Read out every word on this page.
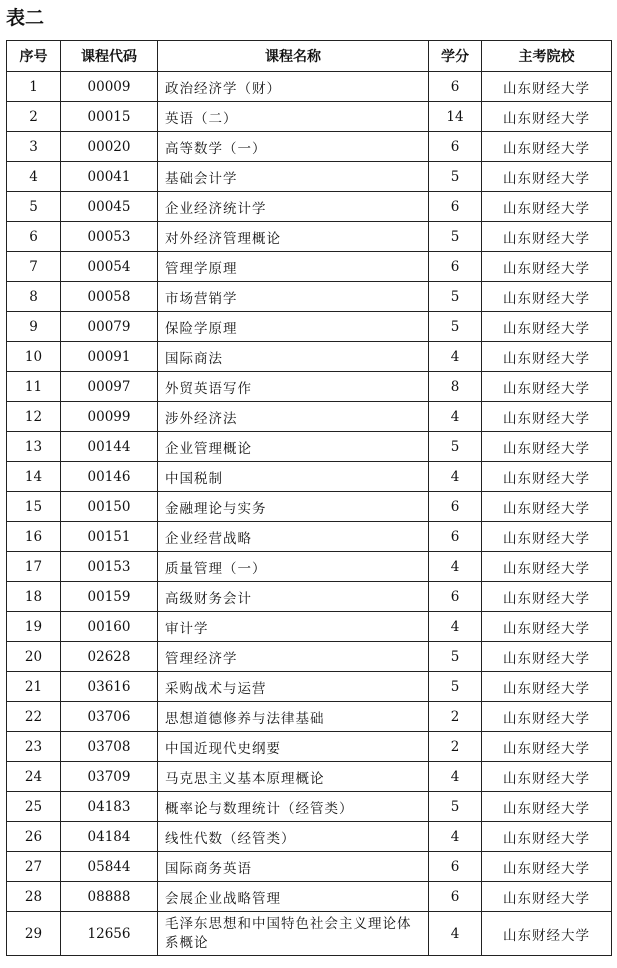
表二
序号	课程代码	课程名称	学分	主考院校
1	00009	政治经济学（财）	6	山东财经大学
2	00015	英语（二）	14	山东财经大学
3	00020	高等数学（一）	6	山东财经大学
4	00041	基础会计学	5	山东财经大学
5	00045	企业经济统计学	6	山东财经大学
6	00053	对外经济管理概论	5	山东财经大学
7	00054	管理学原理	6	山东财经大学
8	00058	市场营销学	5	山东财经大学
9	00079	保险学原理	5	山东财经大学
10	00091	国际商法	4	山东财经大学
11	00097	外贸英语写作	8	山东财经大学
12	00099	涉外经济法	4	山东财经大学
13	00144	企业管理概论	5	山东财经大学
14	00146	中国税制	4	山东财经大学
15	00150	金融理论与实务	6	山东财经大学
16	00151	企业经营战略	6	山东财经大学
17	00153	质量管理（一）	4	山东财经大学
18	00159	高级财务会计	6	山东财经大学
19	00160	审计学	4	山东财经大学
20	02628	管理经济学	5	山东财经大学
21	03616	采购战术与运营	5	山东财经大学
22	03706	思想道德修养与法律基础	2	山东财经大学
23	03708	中国近现代史纲要	2	山东财经大学
24	03709	马克思主义基本原理概论	4	山东财经大学
25	04183	概率论与数理统计（经管类）	5	山东财经大学
26	04184	线性代数（经管类）	4	山东财经大学
27	05844	国际商务英语	6	山东财经大学
28	08888	会展企业战略管理	6	山东财经大学
29	12656	毛泽东思想和中国特色社会主义理论体系概论	4	山东财经大学
